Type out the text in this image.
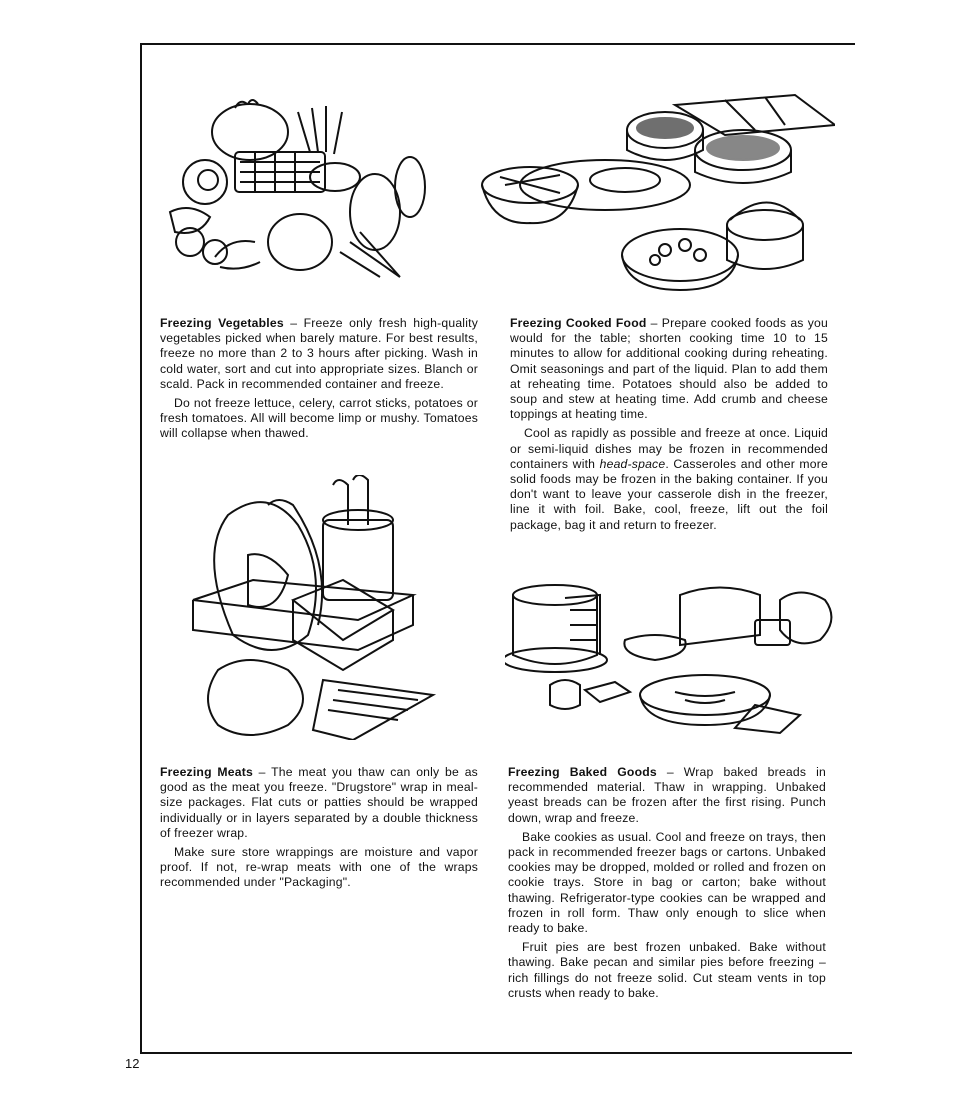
Freezing Vegetables – Freeze only fresh high-quality vegetables picked when barely mature. For best results, freeze no more than 2 to 3 hours after picking. Wash in cold water, sort and cut into appropriate sizes. Blanch or scald. Pack in recommended container and freeze.

Do not freeze lettuce, celery, carrot sticks, potatoes or fresh tomatoes. All will become limp or mushy. Tomatoes will collapse when thawed.

Freezing Cooked Food – Prepare cooked foods as you would for the table; shorten cooking time 10 to 15 minutes to allow for additional cooking during reheating. Omit seasonings and part of the liquid. Plan to add them at reheating time. Potatoes should also be added to soup and stew at heating time. Add crumb and cheese toppings at heating time.

Cool as rapidly as possible and freeze at once. Liquid or semi-liquid dishes may be frozen in recommended containers with head-space. Casseroles and other more solid foods may be frozen in the baking container. If you don't want to leave your casserole dish in the freezer, line it with foil. Bake, cool, freeze, lift out the foil package, bag it and return to freezer.

Freezing Meats – The meat you thaw can only be as good as the meat you freeze. "Drugstore" wrap in meal-size packages. Flat cuts or patties should be wrapped individually or in layers separated by a double thickness of freezer wrap.

Make sure store wrappings are moisture and vapor proof. If not, re-wrap meats with one of the wraps recommended under "Packaging".

Freezing Baked Goods – Wrap baked breads in recommended material. Thaw in wrapping. Unbaked yeast breads can be frozen after the first rising. Punch down, wrap and freeze.

Bake cookies as usual. Cool and freeze on trays, then pack in recommended freezer bags or cartons. Unbaked cookies may be dropped, molded or rolled and frozen on cookie trays. Store in bag or carton; bake without thawing. Refrigerator-type cookies can be wrapped and frozen in roll form. Thaw only enough to slice when ready to bake.

Fruit pies are best frozen unbaked. Bake without thawing. Bake pecan and similar pies before freezing – rich fillings do not freeze solid. Cut steam vents in top crusts when ready to bake.

12
